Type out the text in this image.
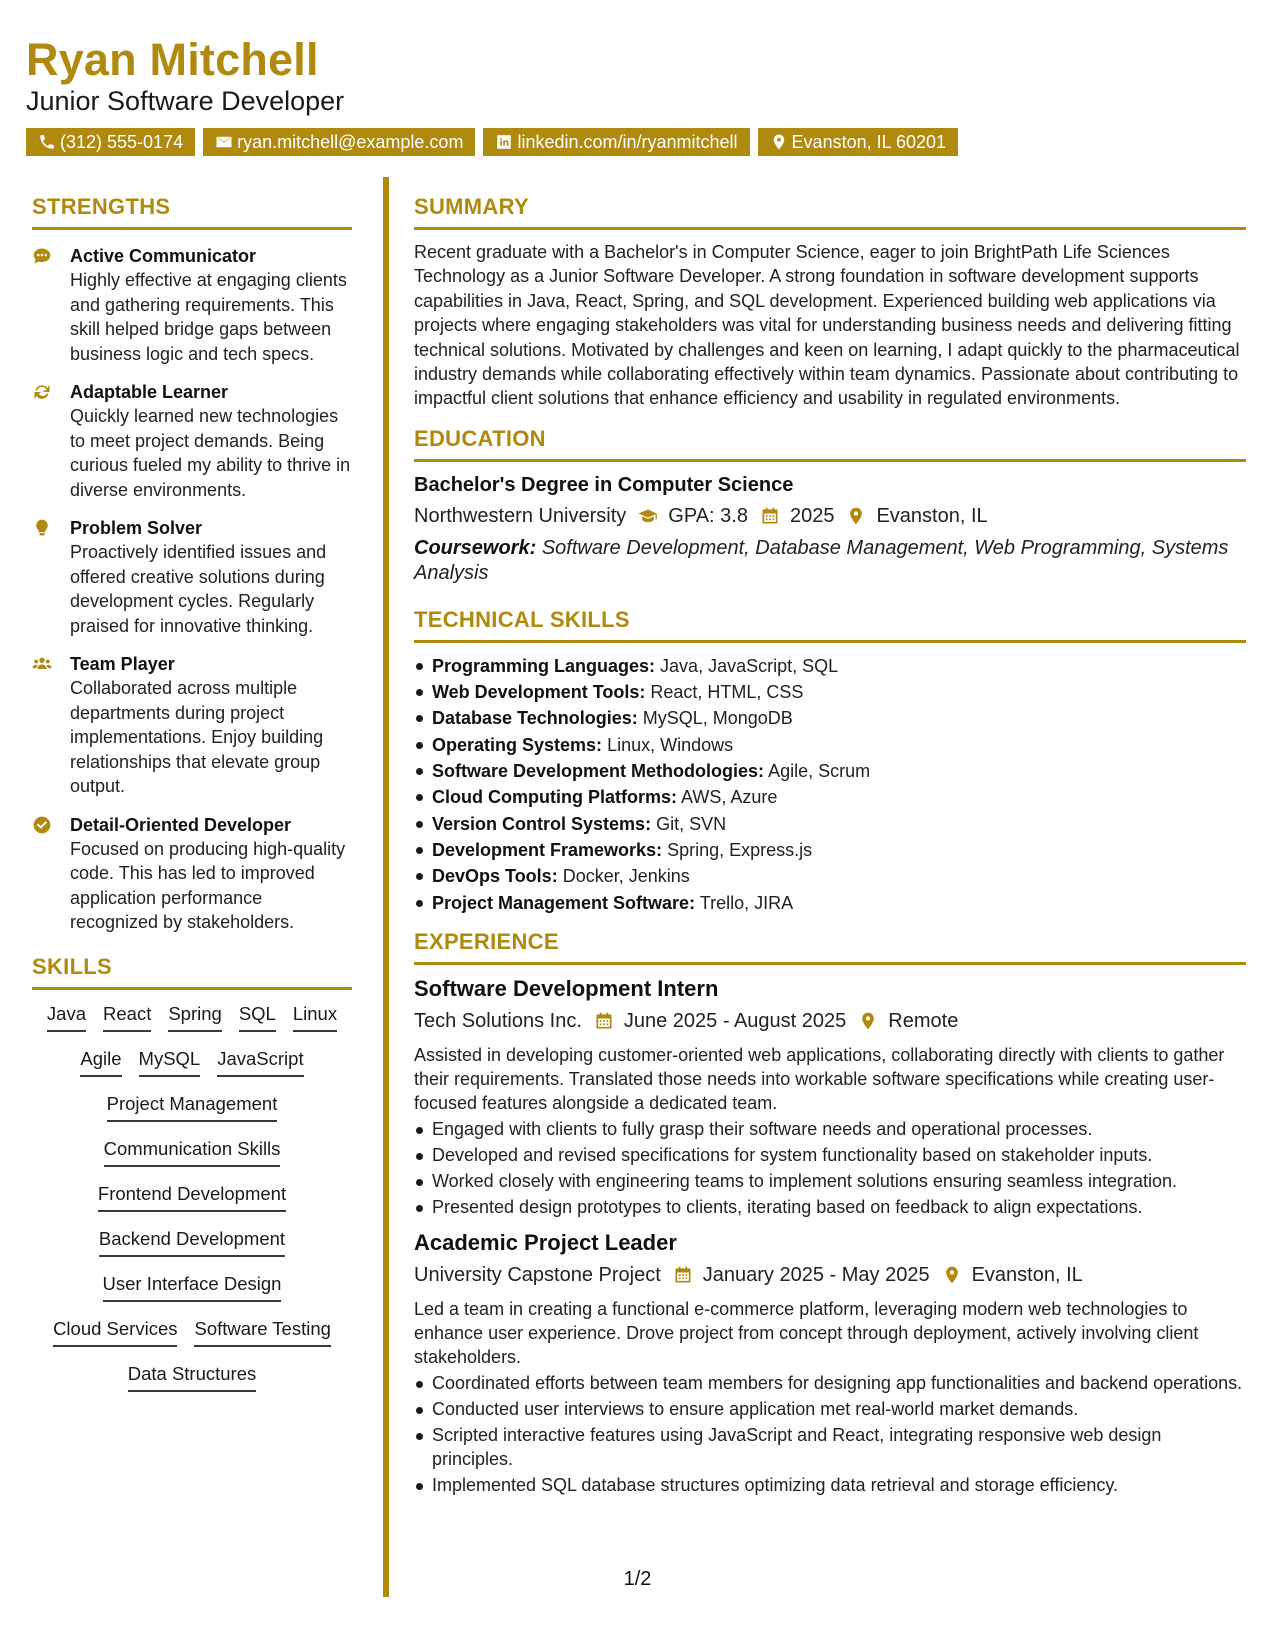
Ryan Mitchell
Junior Software Developer
(312) 555-0174	ryan.mitchell@example.com	linkedin.com/in/ryanmitchell	Evanston, IL 60201
STRENGTHS
Active Communicator
Highly effective at engaging clients and gathering requirements. This skill helped bridge gaps between business logic and tech specs.
Adaptable Learner
Quickly learned new technologies to meet project demands. Being curious fueled my ability to thrive in diverse environments.
Problem Solver
Proactively identified issues and offered creative solutions during development cycles. Regularly praised for innovative thinking.
Team Player
Collaborated across multiple departments during project implementations. Enjoy building relationships that elevate group output.
Detail-Oriented Developer
Focused on producing high-quality code. This has led to improved application performance recognized by stakeholders.
SKILLS
Java React Spring SQL Linux
Agile MySQL JavaScript
Project Management
Communication Skills
Frontend Development
Backend Development
User Interface Design
Cloud Services Software Testing
Data Structures
SUMMARY
Recent graduate with a Bachelor's in Computer Science, eager to join BrightPath Life Sciences Technology as a Junior Software Developer. A strong foundation in software development supports capabilities in Java, React, Spring, and SQL development. Experienced building web applications via projects where engaging stakeholders was vital for understanding business needs and delivering fitting technical solutions. Motivated by challenges and keen on learning, I adapt quickly to the pharmaceutical industry demands while collaborating effectively within team dynamics. Passionate about contributing to impactful client solutions that enhance efficiency and usability in regulated environments.
EDUCATION
Bachelor's Degree in Computer Science
Northwestern University GPA: 3.8 2025 Evanston, IL
Coursework: Software Development, Database Management, Web Programming, Systems Analysis
TECHNICAL SKILLS
Programming Languages: Java, JavaScript, SQL
Web Development Tools: React, HTML, CSS
Database Technologies: MySQL, MongoDB
Operating Systems: Linux, Windows
Software Development Methodologies: Agile, Scrum
Cloud Computing Platforms: AWS, Azure
Version Control Systems: Git, SVN
Development Frameworks: Spring, Express.js
DevOps Tools: Docker, Jenkins
Project Management Software: Trello, JIRA
EXPERIENCE
Software Development Intern
Tech Solutions Inc. June 2025 - August 2025 Remote
Assisted in developing customer-oriented web applications, collaborating directly with clients to gather their requirements. Translated those needs into workable software specifications while creating user-focused features alongside a dedicated team.
Engaged with clients to fully grasp their software needs and operational processes.
Developed and revised specifications for system functionality based on stakeholder inputs.
Worked closely with engineering teams to implement solutions ensuring seamless integration.
Presented design prototypes to clients, iterating based on feedback to align expectations.
Academic Project Leader
University Capstone Project January 2025 - May 2025 Evanston, IL
Led a team in creating a functional e-commerce platform, leveraging modern web technologies to enhance user experience. Drove project from concept through deployment, actively involving client stakeholders.
Coordinated efforts between team members for designing app functionalities and backend operations.
Conducted user interviews to ensure application met real-world market demands.
Scripted interactive features using JavaScript and React, integrating responsive web design principles.
Implemented SQL database structures optimizing data retrieval and storage efficiency.
1/2
